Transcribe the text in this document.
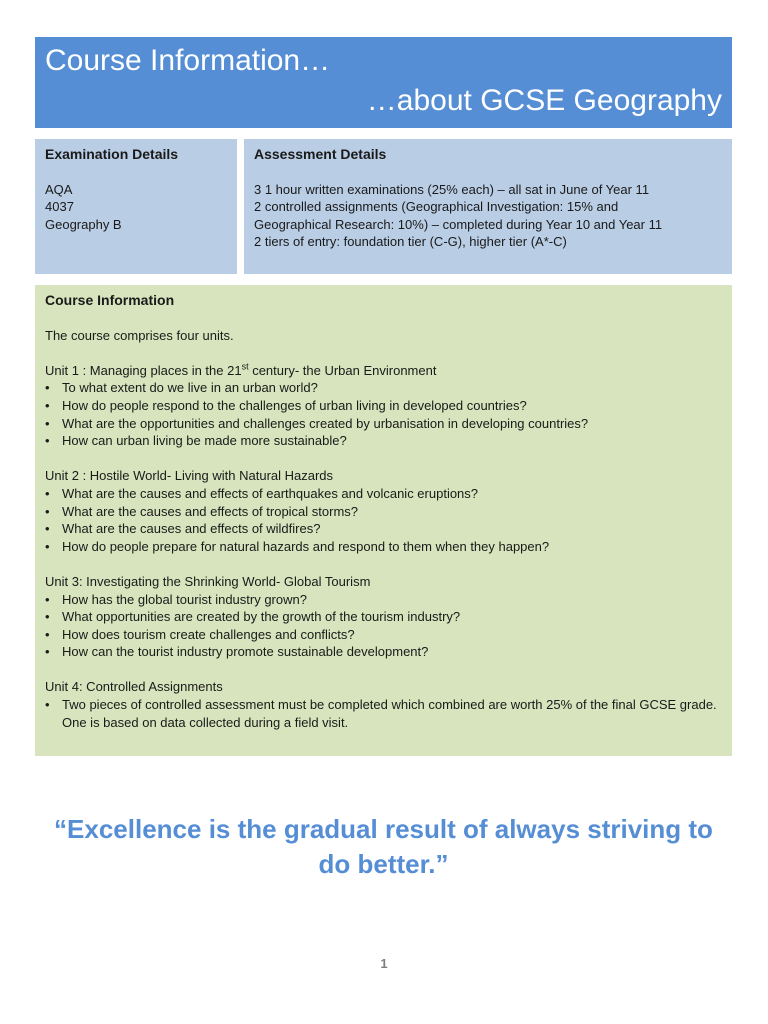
Course Information…
…about GCSE Geography
Examination Details
AQA
4037
Geography B
Assessment Details
3 1 hour written examinations (25% each) – all sat in June of Year 11
2 controlled assignments (Geographical Investigation: 15% and
Geographical Research: 10%) – completed during Year 10 and Year 11
2 tiers of entry: foundation tier (C-G), higher tier (A*-C)
Course Information
The course comprises four units.
Unit 1 : Managing places in the 21st century- the Urban Environment
• To what extent do we live in an urban world?
• How do people respond to the challenges of urban living in developed countries?
• What are the opportunities and challenges created by urbanisation in developing countries?
• How can urban living be made more sustainable?
Unit 2 : Hostile World- Living with Natural Hazards
• What are the causes and effects of earthquakes and volcanic eruptions?
• What are the causes and effects of tropical storms?
• What are the causes and effects of wildfires?
• How do people prepare for natural hazards and respond to them when they happen?
Unit 3: Investigating the Shrinking World- Global Tourism
• How has the global tourist industry grown?
• What opportunities are created by the growth of the tourism industry?
• How does tourism create challenges and conflicts?
• How can the tourist industry promote sustainable development?
Unit 4: Controlled Assignments
• Two pieces of controlled assessment must be completed which combined are worth 25% of the final GCSE grade. One is based on data collected during a field visit.
“Excellence is the gradual result of always striving to do better.”
1
